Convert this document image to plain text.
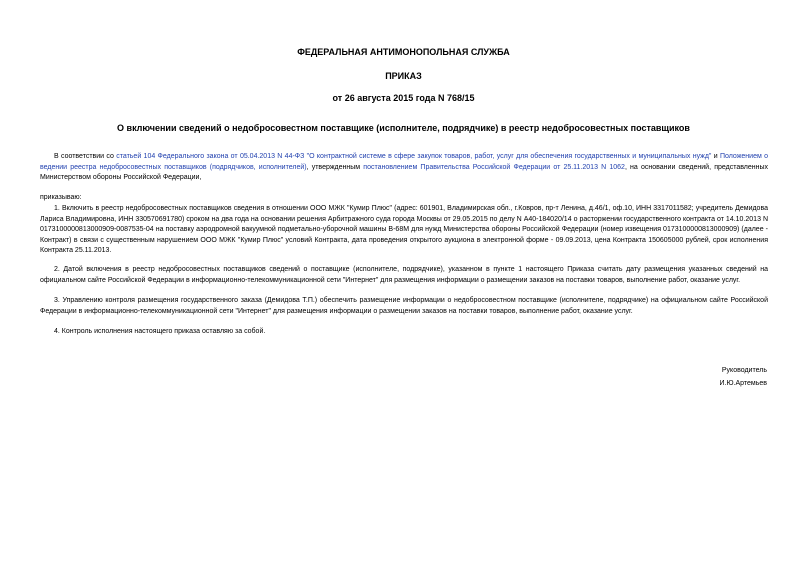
ФЕДЕРАЛЬНАЯ АНТИМОНОПОЛЬНАЯ СЛУЖБА
ПРИКАЗ
от 26 августа 2015 года N 768/15
О включении сведений о недобросовестном поставщике (исполнителе, подрядчике) в реестр недобросовестных поставщиков
В соответствии со статьей 104 Федерального закона от 05.04.2013 N 44-ФЗ "О контрактной системе в сфере закупок товаров, работ, услуг для обеспечения государственных и муниципальных нужд" и Положением о ведении реестра недобросовестных поставщиков (подрядчиков, исполнителей), утвержденным постановлением Правительства Российской Федерации от 25.11.2013 N 1062, на основании сведений, представленных Министерством обороны Российской Федерации,
приказываю:
1. Включить в реестр недобросовестных поставщиков сведения в отношении ООО МЖК "Кумир Плюс" (адрес: 601901, Владимирская обл., г.Ковров, пр-т Ленина, д.46/1, оф.10, ИНН 3317011582; учредитель Демидова Лариса Владимировна, ИНН 330570691780) сроком на два года на основании решения Арбитражного суда города Москвы от 29.05.2015 по делу N А40-184020/14 о расторжении государственного контракта от 14.10.2013 N 0173100000813000909-0087535-04 на поставку аэродромной вакуумной подметально-уборочной машины В-68М для нужд Министерства обороны Российской Федерации (номер извещения 0173100000813000909) (далее - Контракт) в связи с существенным нарушением ООО МЖК "Кумир Плюс" условий Контракта, дата проведения открытого аукциона в электронной форме - 09.09.2013, цена Контракта 150605000 рублей, срок исполнения Контракта 25.11.2013.
2. Датой включения в реестр недобросовестных поставщиков сведений о поставщике (исполнителе, подрядчике), указанном в пункте 1 настоящего Приказа считать дату размещения указанных сведений на официальном сайте Российской Федерации в информационно-телекоммуникационной сети "Интернет" для размещения информации о размещении заказов на поставки товаров, выполнение работ, оказание услуг.
3. Управлению контроля размещения государственного заказа (Демидова Т.П.) обеспечить размещение информации о недобросовестном поставщике (исполнителе, подрядчике) на официальном сайте Российской Федерации в информационно-телекоммуникационной сети "Интернет" для размещения информации о размещении заказов на поставки товаров, выполнение работ, оказание услуг.
4. Контроль исполнения настоящего приказа оставляю за собой.
Руководитель
И.Ю.Артемьев
